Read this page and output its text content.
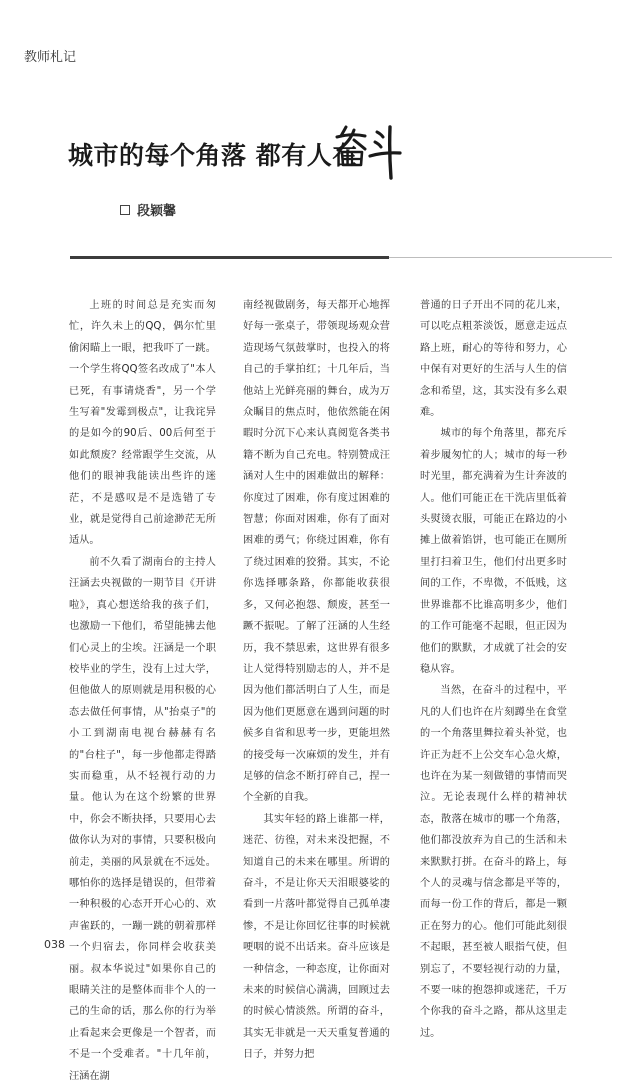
教师札记
城市的每个角落 都有人在
段颖馨

上班的时间总是充实而匆忙，许久未上的QQ，偶尔忙里偷闲瞄上一眼，把我吓了一跳。一个学生将QQ签名改成了"本人已死，有事请烧香"，另一个学生写着"发霉到极点"，让我诧异的是如今的90后、00后何至于如此颓废？经常跟学生交流，从他们的眼神我能读出些许的迷茫，不是感叹是不是选错了专业，就是觉得自己前途渺茫无所适从。

前不久看了湖南台的主持人汪涵去央视做的一期节目《开讲啦》，真心想送给我的孩子们，也激励一下他们，希望能拂去他们心灵上的尘埃。汪涵是一个职校毕业的学生，没有上过大学，但他做人的原则就是用积极的心态去做任何事情，从"抬桌子"的小工到湖南电视台赫赫有名的"台柱子"，每一步他都走得踏实而稳重，从不轻视行动的力量。他认为在这个纷繁的世界中，你会不断抉择，只要用心去做你认为对的事情，只要积极向前走，美丽的风景就在不远处。哪怕你的选择是错误的，但带着一种积极的心态开开心心的、欢声雀跃的，一蹦一跳的朝着那样一个归宿去，你同样会收获美丽。叔本华说过"如果你自己的眼睛关注的是整体而非个人的一己的生命的话，那么你的行为举止看起来会更像是一个智者，而不是一个受难者。"十几年前，汪涵在湖

南经视做剧务，每天都开心地挥好每一张桌子，带领现场观众营造现场气氛鼓掌时，也投入的将自己的手掌拍红；十几年后，当他站上光鲜亮丽的舞台，成为万众瞩目的焦点时，他依然能在闲暇时分沉下心来认真阅览各类书籍不断为自己充电。特别赞成汪涵对人生中的困难做出的解释：你度过了困难，你有度过困难的智慧；你面对困难，你有了面对困难的勇气；你绕过困难，你有了绕过困难的狡猾。其实，不论你选择哪条路，你都能收获很多，又何必抱怨、颓废，甚至一蹶不振呢。了解了汪涵的人生经历，我不禁思索，这世界有很多让人觉得特别励志的人，并不是因为他们都活明白了人生，而是因为他们更愿意在遇到问题的时候多自省和思考一步，更能坦然的接受每一次麻烦的发生，并有足够的信念不断打碎自己，捏一个全新的自我。

其实年轻的路上谁都一样，迷茫、彷徨，对未来没把握，不知道自己的未来在哪里。所谓的奋斗，不是让你天天泪眼婆娑的看到一片落叶都觉得自己孤单凄惨，不是让你回忆往事的时候就哽咽的说不出话来。奋斗应该是一种信念，一种态度，让你面对未来的时候信心满满，回顾过去的时候心情淡然。所谓的奋斗，其实无非就是一天天重复普通的日子，并努力把

普通的日子开出不同的花儿来，可以吃点粗茶淡饭，愿意走远点路上班，耐心的等待和努力，心中保有对更好的生活与人生的信念和希望，这，其实没有多么艰难。

城市的每个角落里，都充斥着步履匆忙的人；城市的每一秒时光里，都充满着为生计奔波的人。他们可能正在干洗店里低着头熨烫衣服，可能正在路边的小摊上做着馅饼，也可能正在厕所里打扫着卫生，他们付出更多时间的工作，不卑微，不低贱，这世界谁都不比谁高明多少，他们的工作可能毫不起眼，但正因为他们的默默，才成就了社会的安稳从容。

当然，在奋斗的过程中，平凡的人们也许在片刻蹲坐在食堂的一个角落里舞拉着头补觉，也许正为赶不上公交车心急火燎，也许在为某一刻做错的事情而哭泣。无论表现什么样的精神状态，散落在城市的哪一个角落，他们都没放弃为自己的生活和未来默默打拼。在奋斗的路上，每个人的灵魂与信念都是平等的，而每一份工作的背后，都是一颗正在努力的心。他们可能此刻很不起眼，甚至被人眼指气使，但别忘了，不要轻视行动的力量，不要一味的抱怨抑或迷茫，千万个你我的奋斗之路，都从这里走过。

038
